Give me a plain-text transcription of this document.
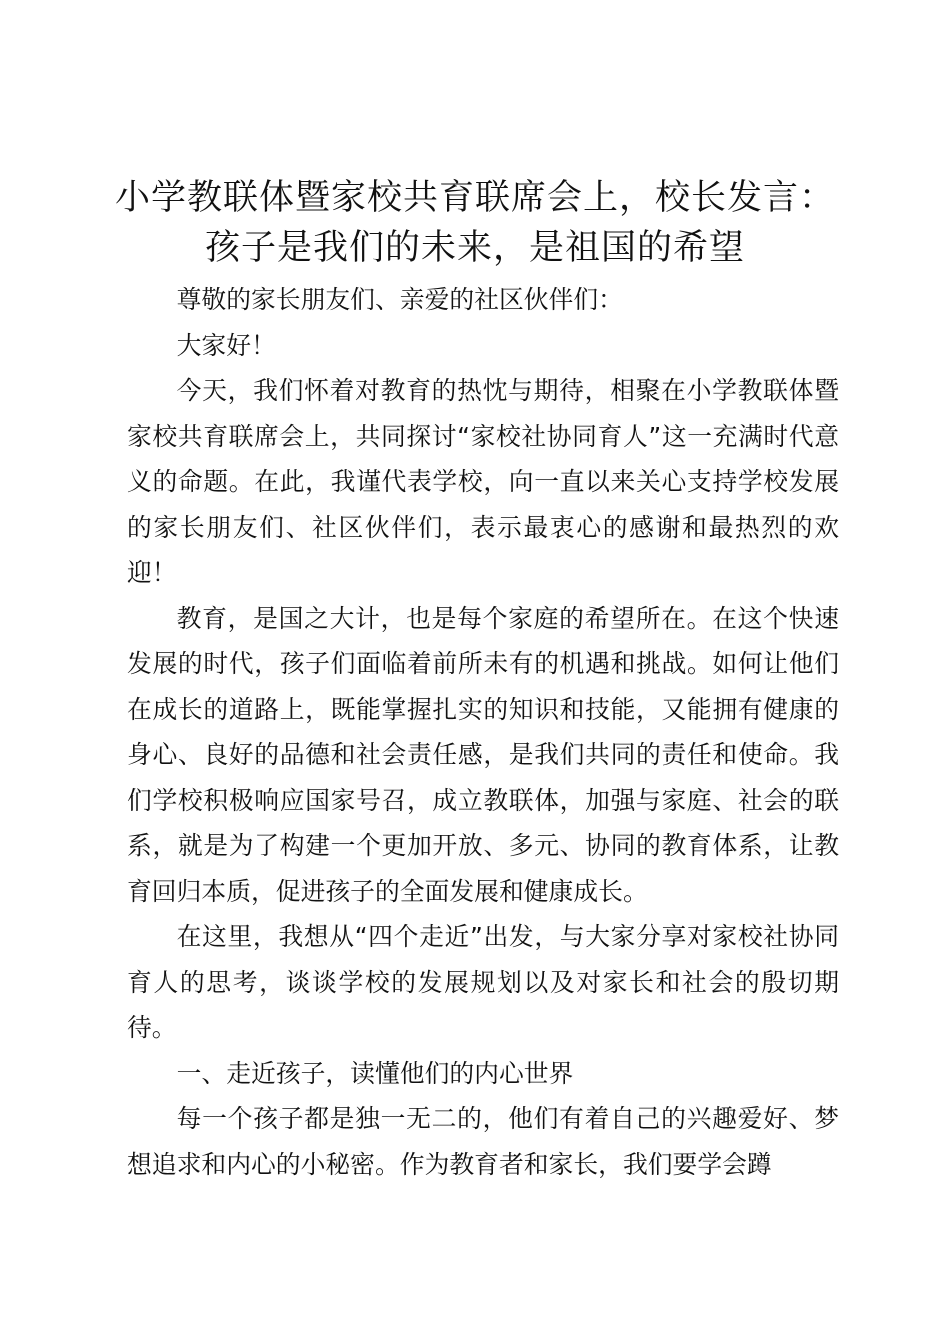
小学教联体暨家校共育联席会上，校长发言：
孩子是我们的未来，是祖国的希望

尊敬的家长朋友们、亲爱的社区伙伴们：

大家好！

今天，我们怀着对教育的热忱与期待，相聚在小学教联体暨家校共育联席会上，共同探讨“家校社协同育人”这一充满时代意义的命题。在此，我谨代表学校，向一直以来关心支持学校发展的家长朋友们、社区伙伴们，表示最衷心的感谢和最热烈的欢迎！

教育，是国之大计，也是每个家庭的希望所在。在这个快速发展的时代，孩子们面临着前所未有的机遇和挑战。如何让他们在成长的道路上，既能掌握扎实的知识和技能，又能拥有健康的身心、良好的品德和社会责任感，是我们共同的责任和使命。我们学校积极响应国家号召，成立教联体，加强与家庭、社会的联系，就是为了构建一个更加开放、多元、协同的教育体系，让教育回归本质，促进孩子的全面发展和健康成长。

在这里，我想从“四个走近”出发，与大家分享对家校社协同育人的思考，谈谈学校的发展规划以及对家长和社会的殷切期待。

一、走近孩子，读懂他们的内心世界

每一个孩子都是独一无二的，他们有着自己的兴趣爱好、梦想追求和内心的小秘密。作为教育者和家长，我们要学会蹲
